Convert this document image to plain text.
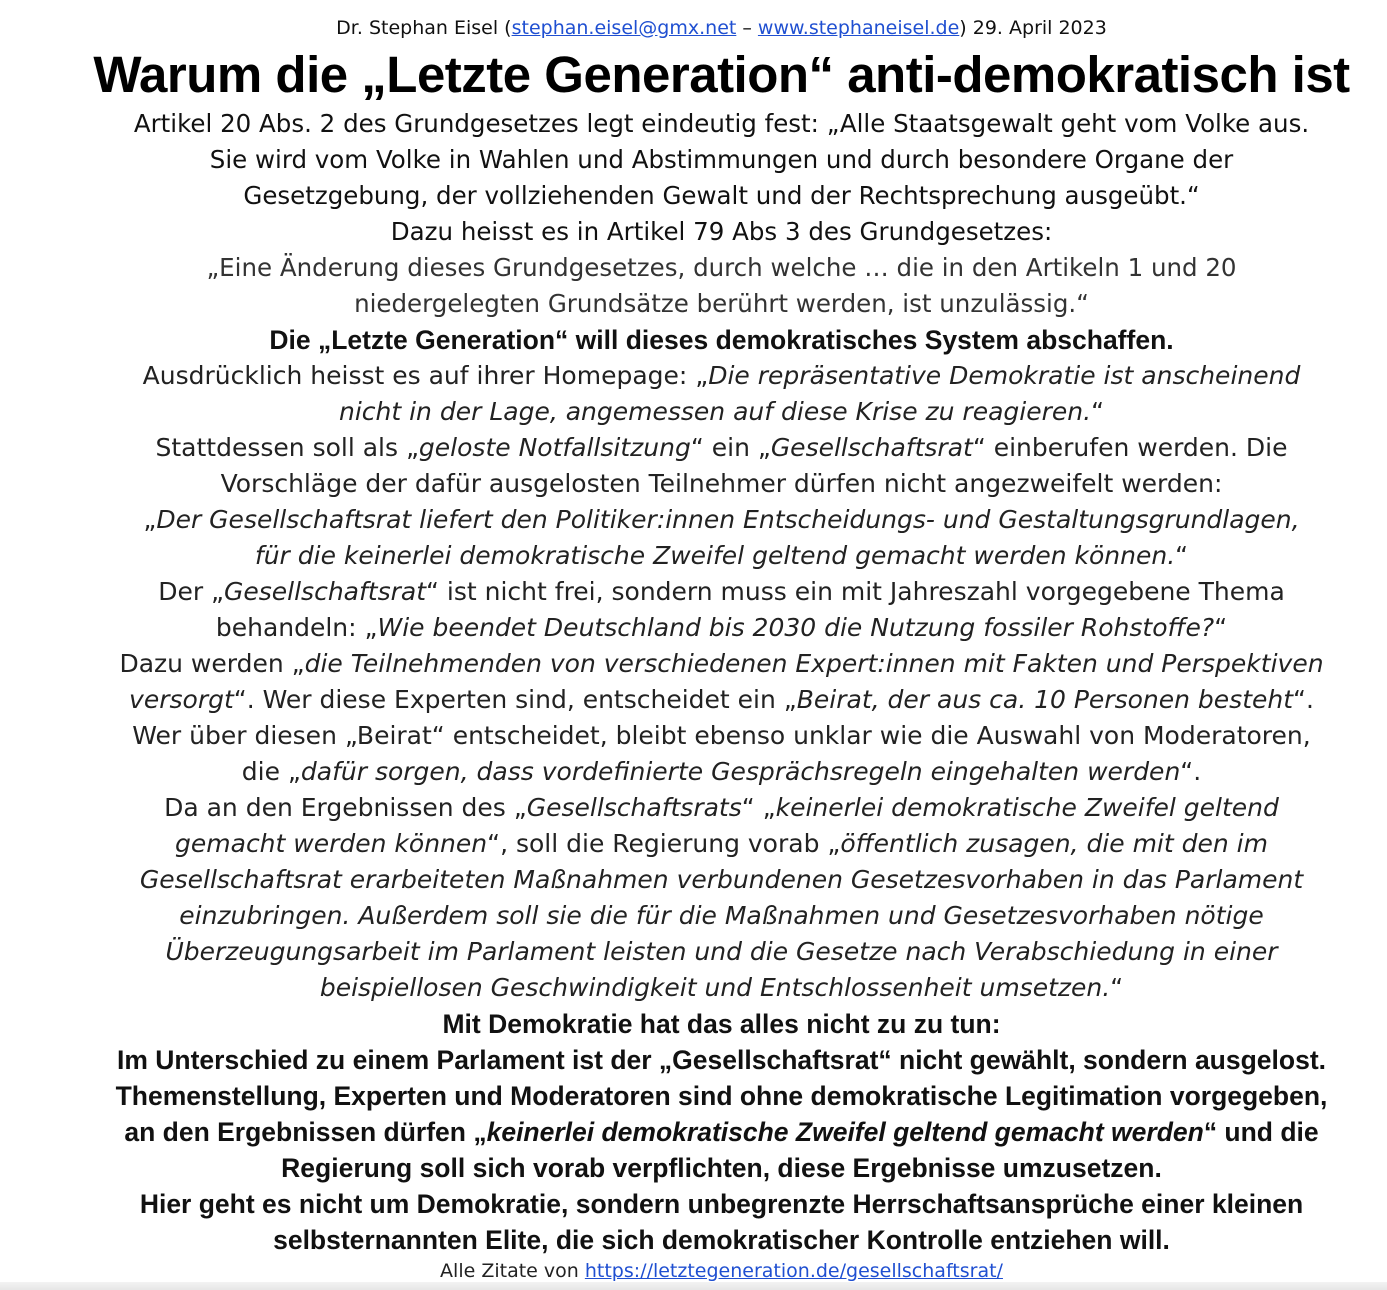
Dr. Stephan Eisel (stephan.eisel@gmx.net – www.stephaneisel.de) 29. April 2023
Warum die „Letzte Generation“ anti-demokratisch ist

Artikel 20 Abs. 2 des Grundgesetzes legt eindeutig fest: „Alle Staatsgewalt geht vom Volke aus.

Sie wird vom Volke in Wahlen und Abstimmungen und durch besondere Organe der

Gesetzgebung, der vollziehenden Gewalt und der Rechtsprechung ausgeübt.“

Dazu heisst es in Artikel 79 Abs 3 des Grundgesetzes:

„Eine Änderung dieses Grundgesetzes, durch welche … die in den Artikeln 1 und 20

niedergelegten Grundsätze berührt werden, ist unzulässig.“

Die „Letzte Generation“ will dieses demokratisches System abschaffen.

Ausdrücklich heisst es auf ihrer Homepage: „Die repräsentative Demokratie ist anscheinend

nicht in der Lage, angemessen auf diese Krise zu reagieren.“

Stattdessen soll als „geloste Notfallsitzung“ ein „Gesellschaftsrat“ einberufen werden. Die

Vorschläge der dafür ausgelosten Teilnehmer dürfen nicht angezweifelt werden:

„Der Gesellschaftsrat liefert den Politiker:innen Entscheidungs- und Gestaltungsgrundlagen,

für die keinerlei demokratische Zweifel geltend gemacht werden können.“

Der „Gesellschaftsrat“ ist nicht frei, sondern muss ein mit Jahreszahl vorgegebene Thema

behandeln: „Wie beendet Deutschland bis 2030 die Nutzung fossiler Rohstoffe?“

Dazu werden „die Teilnehmenden von verschiedenen Expert:innen mit Fakten und Perspektiven

versorgt“. Wer diese Experten sind, entscheidet ein „Beirat, der aus ca. 10 Personen besteht“.

Wer über diesen „Beirat“ entscheidet, bleibt ebenso unklar wie die Auswahl von Moderatoren,

die „dafür sorgen, dass vordefinierte Gesprächsregeln eingehalten werden“.

Da an den Ergebnissen des „Gesellschaftsrats“ „keinerlei demokratische Zweifel geltend

gemacht werden können“, soll die Regierung vorab „öffentlich zusagen, die mit den im

Gesellschaftsrat erarbeiteten Maßnahmen verbundenen Gesetzesvorhaben in das Parlament

einzubringen. Außerdem soll sie die für die Maßnahmen und Gesetzesvorhaben nötige

Überzeugungsarbeit im Parlament leisten und die Gesetze nach Verabschiedung in einer

beispiellosen Geschwindigkeit und Entschlossenheit umsetzen.“

Mit Demokratie hat das alles nicht zu zu tun:

Im Unterschied zu einem Parlament ist der „Gesellschaftsrat“ nicht gewählt, sondern ausgelost.

Themenstellung, Experten und Moderatoren sind ohne demokratische Legitimation vorgegeben,

an den Ergebnissen dürfen „keinerlei demokratische Zweifel geltend gemacht werden“ und die

Regierung soll sich vorab verpflichten, diese Ergebnisse umzusetzen.

Hier geht es nicht um Demokratie, sondern unbegrenzte Herrschaftsansprüche einer kleinen

selbsternannten Elite, die sich demokratischer Kontrolle entziehen will.

Alle Zitate von https://letztegeneration.de/gesellschaftsrat/
